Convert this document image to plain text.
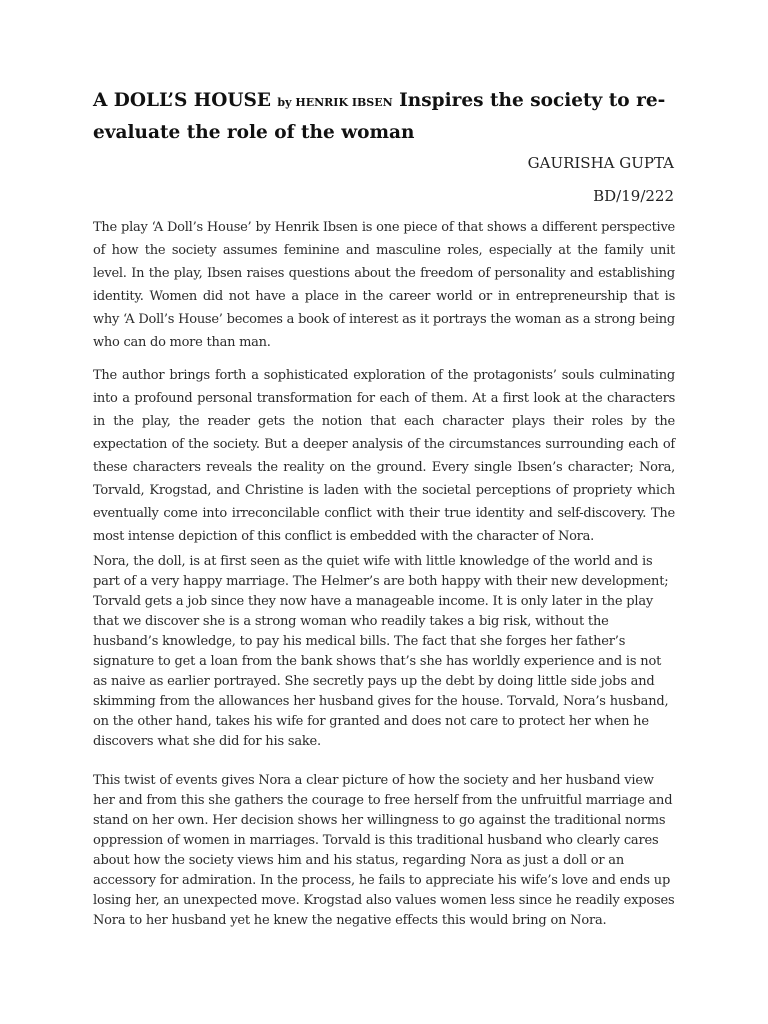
A DOLL’S HOUSE by HENRIK IBSEN Inspires the society to re-evaluate the role of the woman

GAURISHA GUPTA

BD/19/222

The play ‘A Doll’s House’ by Henrik Ibsen is one piece of that shows a different perspective of how the society assumes feminine and masculine roles, especially at the family unit level. In the play, Ibsen raises questions about the freedom of personality and establishing identity. Women did not have a place in the career world or in entrepreneurship that is why ‘A Doll’s House’ becomes a book of interest as it portrays the woman as a strong being who can do more than man.

The author brings forth a sophisticated exploration of the protagonists’ souls culminating into a profound personal transformation for each of them. At a first look at the characters in the play, the reader gets the notion that each character plays their roles by the expectation of the society. But a deeper analysis of the circumstances surrounding each of these characters reveals the reality on the ground. Every single Ibsen’s character; Nora, Torvald, Krogstad, and Christine is laden with the societal perceptions of propriety which eventually come into irreconcilable conflict with their true identity and self-discovery. The most intense depiction of this conflict is embedded with the character of Nora.

Nora, the doll, is at first seen as the quiet wife with little knowledge of the world and is part of a very happy marriage. The Helmer’s are both happy with their new development; Torvald gets a job since they now have a manageable income. It is only later in the play that we discover she is a strong woman who readily takes a big risk, without the husband’s knowledge, to pay his medical bills. The fact that she forges her father’s signature to get a loan from the bank shows that’s she has worldly experience and is not as naive as earlier portrayed. She secretly pays up the debt by doing little side jobs and skimming from the allowances her husband gives for the house. Torvald, Nora’s husband, on the other hand, takes his wife for granted and does not care to protect her when he discovers what she did for his sake.

This twist of events gives Nora a clear picture of how the society and her husband view her and from this she gathers the courage to free herself from the unfruitful marriage and stand on her own. Her decision shows her willingness to go against the traditional norms oppression of women in marriages. Torvald is this traditional husband who clearly cares about how the society views him and his status, regarding Nora as just a doll or an accessory for admiration. In the process, he fails to appreciate his wife’s love and ends up losing her, an unexpected move. Krogstad also values women less since he readily exposes Nora to her husband yet he knew the negative effects this would bring on Nora.
